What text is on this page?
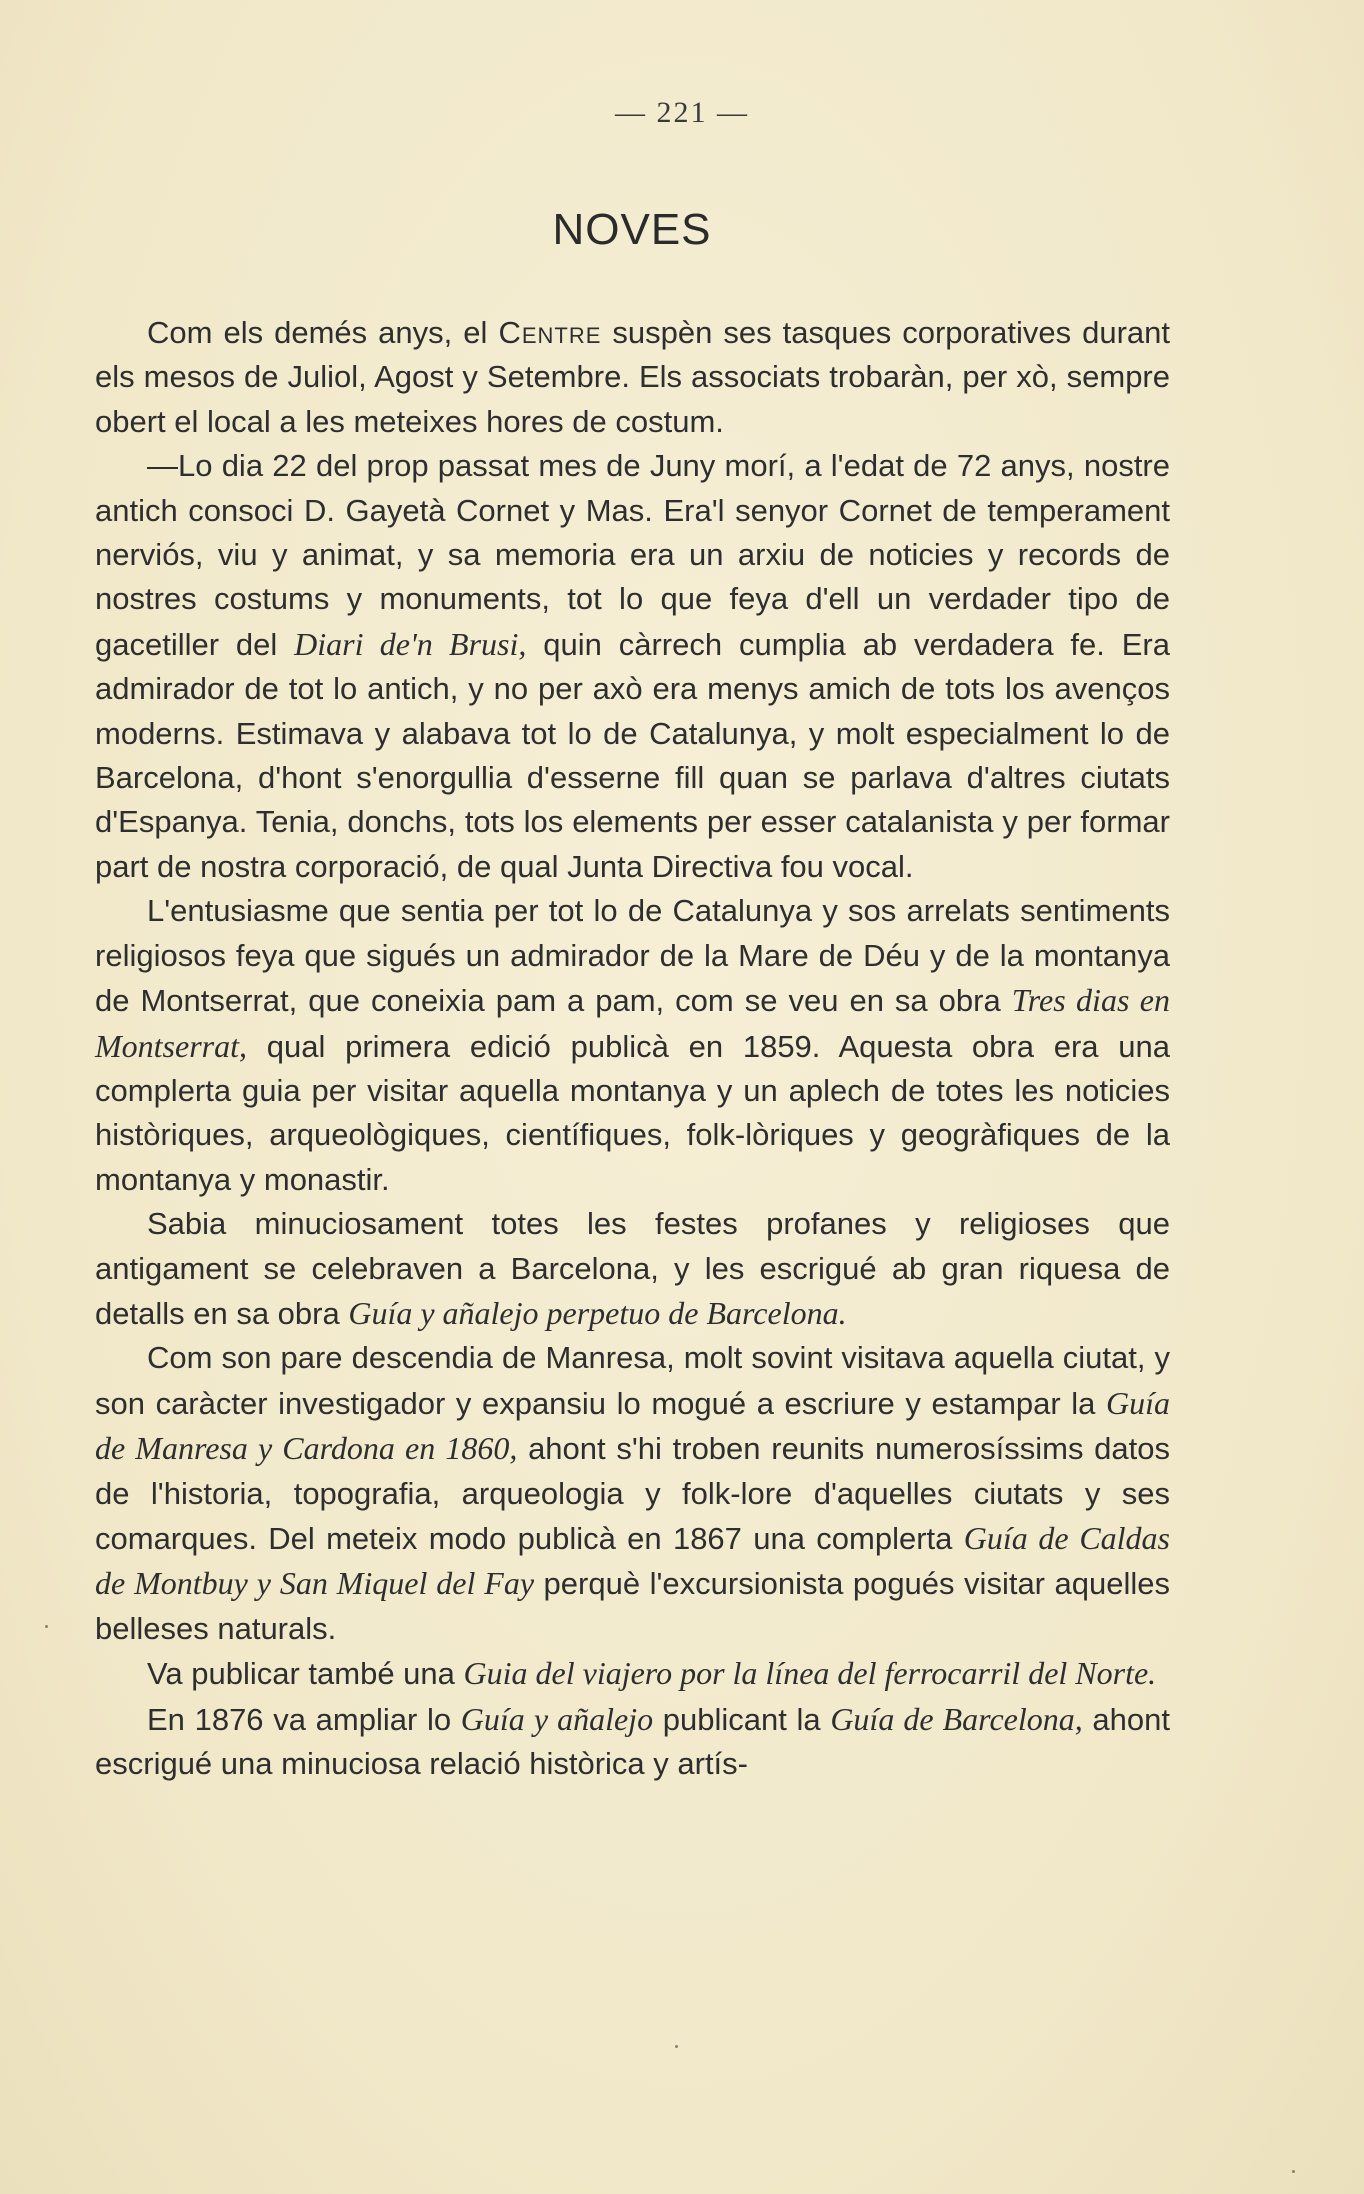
— 221 —
NOVES

Com els demés anys, el Centre suspèn ses tasques corporatives durant els mesos de Juliol, Agost y Setembre. Els associats trobaràn, per xò, sempre obert el local a les meteixes hores de costum.

—Lo dia 22 del prop passat mes de Juny morí, a l'edat de 72 anys, nostre antich consoci D. Gayetà Cornet y Mas. Era'l senyor Cornet de temperament nerviós, viu y animat, y sa memoria era un arxiu de noticies y records de nostres costums y monuments, tot lo que feya d'ell un verdader tipo de gacetiller del Diari de'n Brusi, quin càrrech cumplia ab verdadera fe. Era admirador de tot lo antich, y no per axò era menys amich de tots los avenços moderns. Estimava y alabava tot lo de Catalunya, y molt especialment lo de Barcelona, d'hont s'enorgullia d'esserne fill quan se parlava d'altres ciutats d'Espanya. Tenia, donchs, tots los elements per esser catalanista y per formar part de nostra corporació, de qual Junta Directiva fou vocal.

L'entusiasme que sentia per tot lo de Catalunya y sos arrelats sentiments religiosos feya que sigués un admirador de la Mare de Déu y de la montanya de Montserrat, que coneixia pam a pam, com se veu en sa obra Tres dias en Montserrat, qual primera edició publicà en 1859. Aquesta obra era una complerta guia per visitar aquella montanya y un aplech de totes les noticies històriques, arqueològiques, científiques, folk-lòriques y geogràfiques de la montanya y monastir.

Sabia minuciosament totes les festes profanes y religioses que antigament se celebraven a Barcelona, y les escrigué ab gran riquesa de detalls en sa obra Guía y añalejo perpetuo de Barcelona.

Com son pare descendia de Manresa, molt sovint visitava aquella ciutat, y son caràcter investigador y expansiu lo mogué a escriure y estampar la Guía de Manresa y Cardona en 1860, ahont s'hi troben reunits numerosíssims datos de l'historia, topografia, arqueologia y folk-lore d'aquelles ciutats y ses comarques. Del meteix modo publicà en 1867 una complerta Guía de Caldas de Montbuy y San Miquel del Fay perquè l'excursionista pogués visitar aquelles belleses naturals.

Va publicar també una Guia del viajero por la línea del ferrocarril del Norte.

En 1876 va ampliar lo Guía y añalejo publicant la Guía de Barcelona, ahont escrigué una minuciosa relació històrica y artís-
